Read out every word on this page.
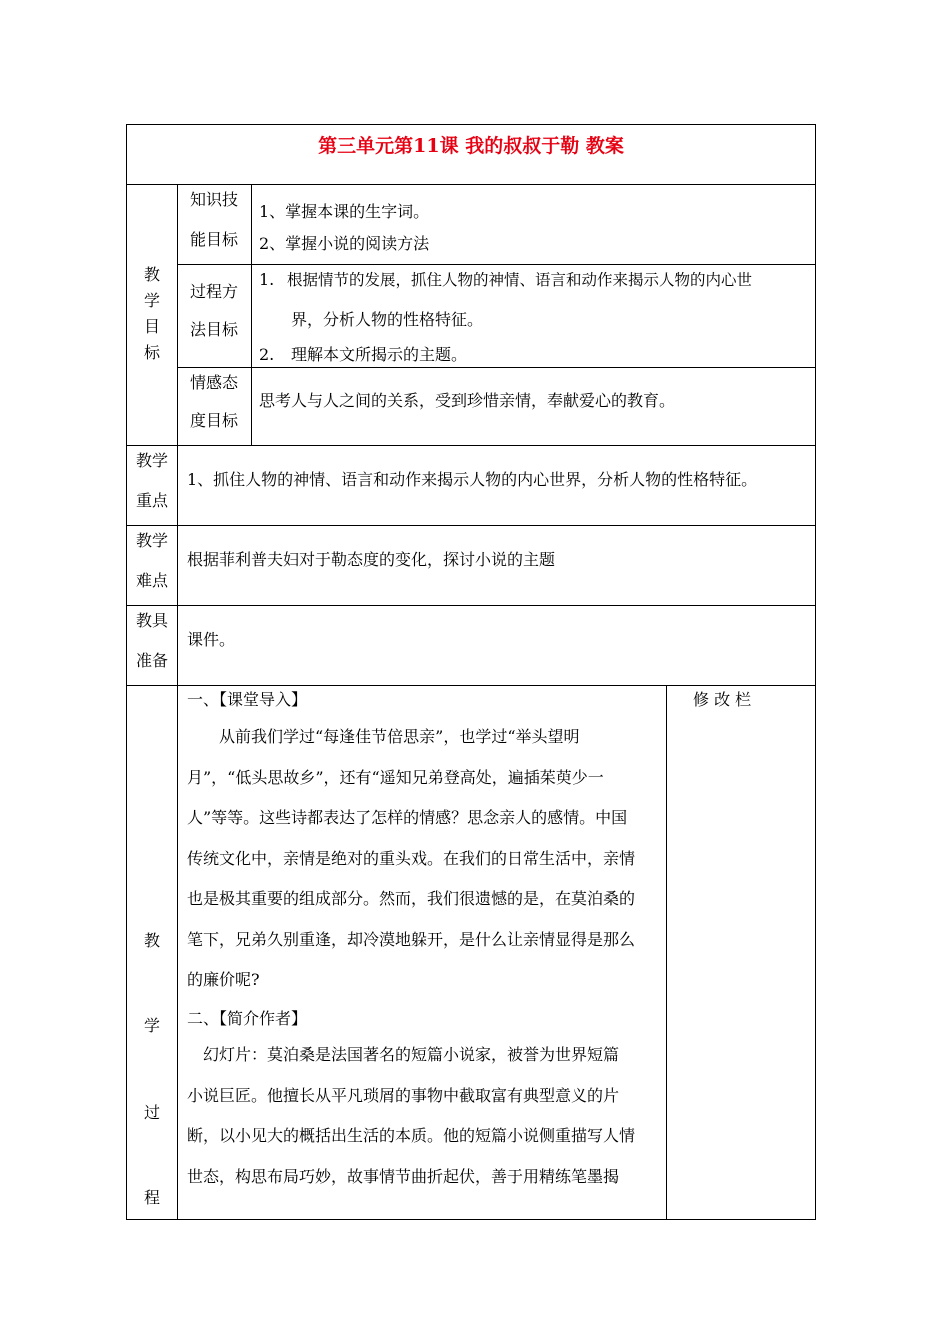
第三单元第11课 我的叔叔于勒 教案
教
学
目
标
知识技
能目标
1、掌握本课的生字词。
2、掌握小说的阅读方法
过程方
法目标
1. 根据情节的发展，抓住人物的神情、语言和动作来揭示人物的内心世
界，分析人物的性格特征。
2. 理解本文所揭示的主题。
情感态
度目标
思考人与人之间的关系，受到珍惜亲情，奉献爱心的教育。
教学
重点
1、抓住人物的神情、语言和动作来揭示人物的内心世界，分析人物的性格特征。
教学
难点
根据菲利普夫妇对于勒态度的变化，探讨小说的主题
教具
准备
课件。
教
学
过
程
修 改 栏
一、【课堂导入】
从前我们学过“每逢佳节倍思亲”，也学过“举头望明
月”，“低头思故乡”，还有“遥知兄弟登高处，遍插茱萸少一
人”等等。这些诗都表达了怎样的情感？思念亲人的感情。中国
传统文化中，亲情是绝对的重头戏。在我们的日常生活中，亲情
也是极其重要的组成部分。然而，我们很遗憾的是，在莫泊桑的
笔下，兄弟久别重逢，却冷漠地躲开，是什么让亲情显得是那么
的廉价呢?
二、【简介作者】
幻灯片：莫泊桑是法国著名的短篇小说家，被誉为世界短篇
小说巨匠。他擅长从平凡琐屑的事物中截取富有典型意义的片
断，以小见大的概括出生活的本质。他的短篇小说侧重描写人情
世态，构思布局巧妙，故事情节曲折起伏，善于用精练笔墨揭
